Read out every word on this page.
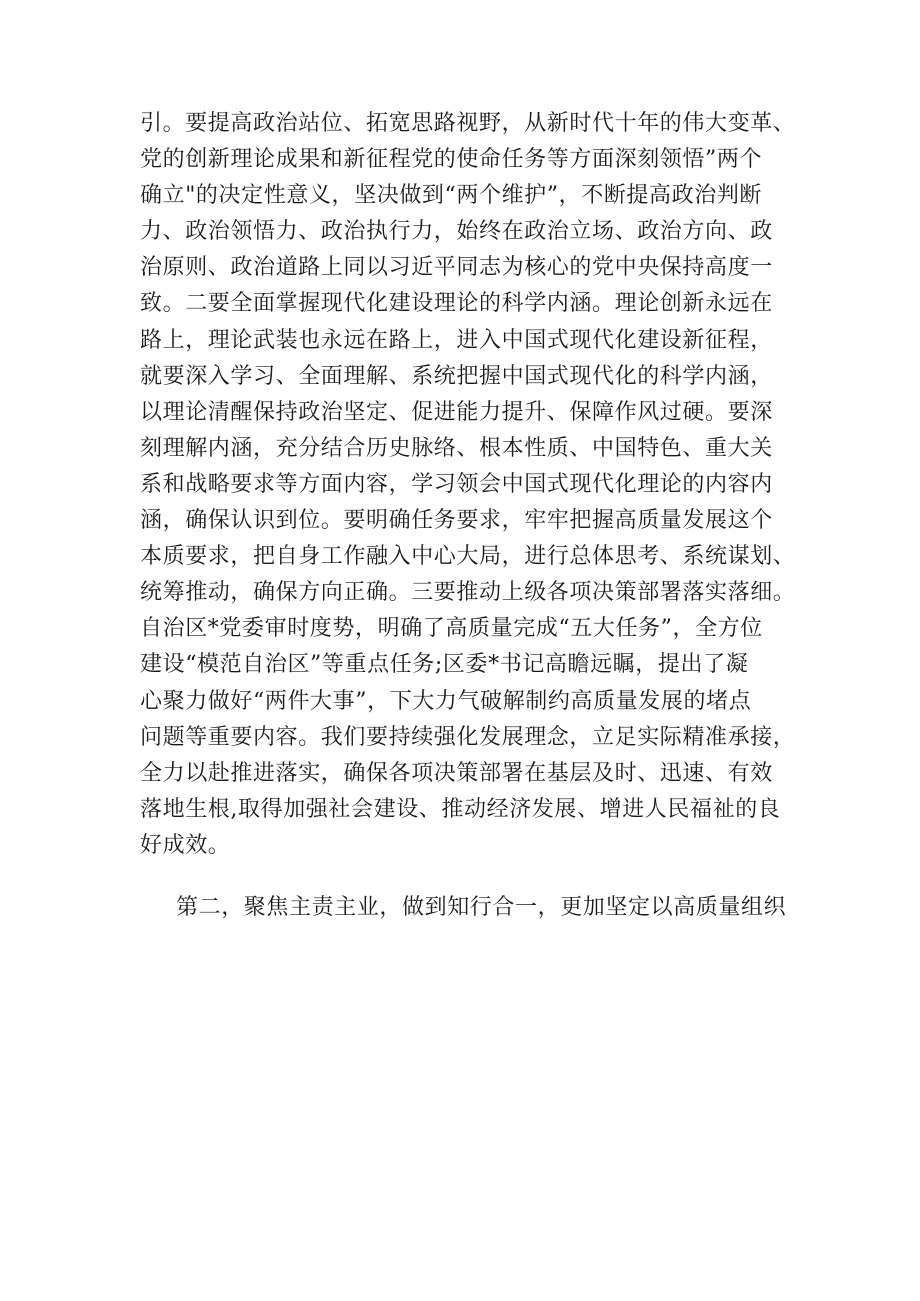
引。要提高政治站位、拓宽思路视野，从新时代十年的伟大变革、
党的创新理论成果和新征程党的使命任务等方面深刻领悟”两个
确立"的决定性意义，坚决做到“两个维护”，不断提高政治判断
力、政治领悟力、政治执行力，始终在政治立场、政治方向、政
治原则、政治道路上同以习近平同志为核心的党中央保持高度一
致。二要全面掌握现代化建设理论的科学内涵。理论创新永远在
路上，理论武装也永远在路上，进入中国式现代化建设新征程，
就要深入学习、全面理解、系统把握中国式现代化的科学内涵，
以理论清醒保持政治坚定、促进能力提升、保障作风过硬。要深
刻理解内涵，充分结合历史脉络、根本性质、中国特色、重大关
系和战略要求等方面内容，学习领会中国式现代化理论的内容内
涵，确保认识到位。要明确任务要求，牢牢把握高质量发展这个
本质要求，把自身工作融入中心大局，进行总体思考、系统谋划、
统筹推动，确保方向正确。三要推动上级各项决策部署落实落细。
自治区*党委审时度势，明确了高质量完成“五大任务”，全方位
建设“模范自治区”等重点任务;区委*书记高瞻远瞩，提出了凝
心聚力做好“两件大事”，下大力气破解制约高质量发展的堵点
问题等重要内容。我们要持续强化发展理念，立足实际精准承接，
全力以赴推进落实，确保各项决策部署在基层及时、迅速、有效
落地生根,取得加强社会建设、推动经济发展、增进人民福祉的良
好成效。
第二，聚焦主责主业，做到知行合一，更加坚定以高质量组织
